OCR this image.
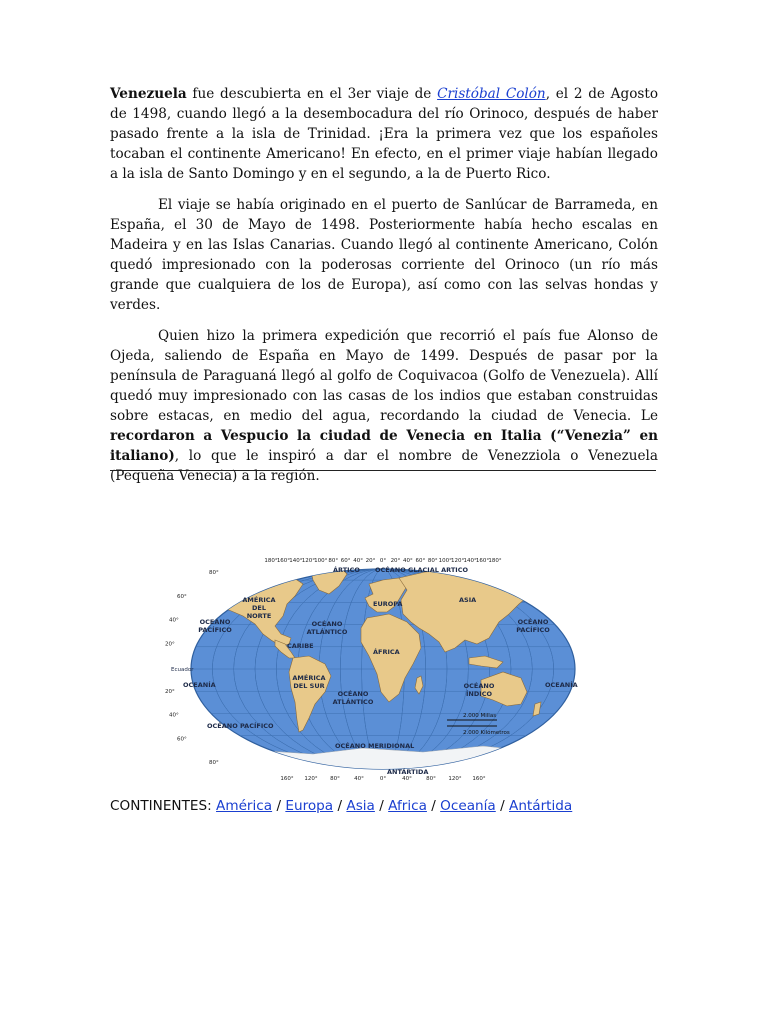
Venezuela fue descubierta en el 3er viaje de Cristóbal Colón, el 2 de Agosto de 1498, cuando llegó a la desembocadura del río Orinoco, después de haber pasado frente a la isla de Trinidad. ¡Era la primera vez que los españoles tocaban el continente Americano! En efecto, en el primer viaje habían llegado a la isla de Santo Domingo y en el segundo, a la de Puerto Rico.

El viaje se había originado en el puerto de Sanlúcar de Barrameda, en España, el 30 de Mayo de 1498. Posteriormente había hecho escalas en Madeira y en las Islas Canarias. Cuando llegó al continente Americano, Colón quedó impresionado con la poderosas corriente del Orinoco (un río más grande que cualquiera de los de Europa), así como con las selvas hondas y verdes.

Quien hizo la primera expedición que recorrió el país fue Alonso de Ojeda, saliendo de España en Mayo de 1499. Después de pasar por la península de Paraguaná llegó al golfo de Coquivacoa (Golfo de Venezuela). Allí quedó muy impresionado con las casas de los indios que estaban construidas sobre estacas, en medio del agua, recordando la ciudad de Venecia. Le recordaron a Vespucio la ciudad de Venecia en Italia (“Venezia” en italiano), lo que le inspiró a dar el nombre de Venezziola o Venezuela (Pequeña Venecia) a la región.

180° 160° 140° 120° 100° 80° 60° 40° 20° 0° 20° 40° 60° 80° 100° 120° 140° 160° 180°
160° 120° 80°	40°	0°	40°	80° 120° 160°
80°
60°
40°
20°
20°
40°
60°
80°
2.000 Millas
2.000 Kilómetros
ÁRTICO OCÉANO GLACIAL ARTICO
AMÉRICA
DEL
NORTE
EUROPA	ASIA
OCÉANO
PACÍFICO
OCEANO
PACÍFICO
OCÉANO
ATLÁNTICO
CARIBE
ÁFRICA
OCEANÍA	OCEANÍA
AMÉRICA
DEL SUR
OCÉANO
ATLÁNTICO
OCÉANO
ÍNDICO
OCÉANO PACÍFICO
OCÉANO MERIDIONAL
ANTÁRTIDA
Ecuador
CONTINENTES: América / Europa / Asia / Africa / Oceanía / Antártida
